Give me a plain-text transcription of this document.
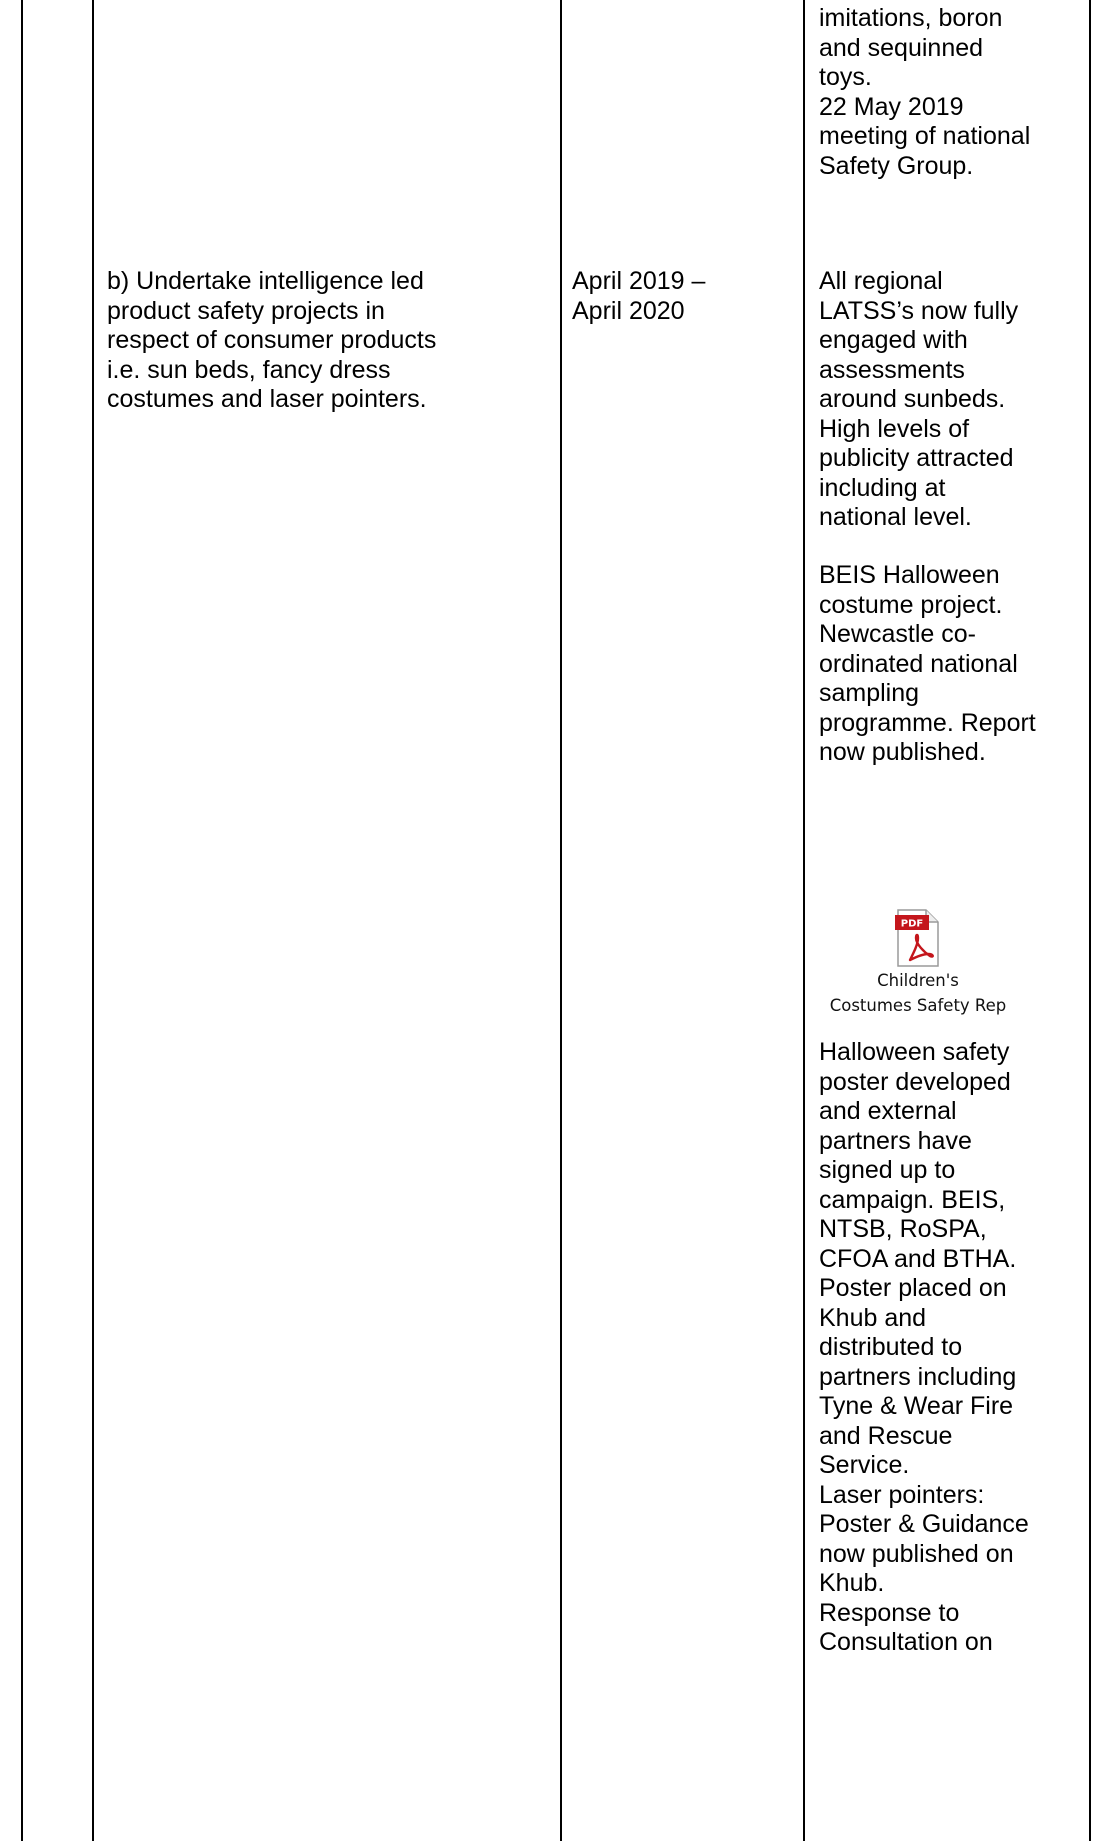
b) Undertake intelligence led
product safety projects in
respect of consumer products
i.e. sun beds, fancy dress
costumes and laser pointers.
April 2019 –
April 2020
imitations, boron
and sequinned
toys.
22 May 2019
meeting of national
Safety Group.
All regional
LATSS’s now fully
engaged with
assessments
around sunbeds.
High levels of
publicity attracted
including at
national level.
BEIS Halloween
costume project.
Newcastle co-
ordinated national
sampling
programme. Report
now published.
PDF
Children's
Costumes Safety Rep
Halloween safety
poster developed
and external
partners have
signed up to
campaign. BEIS,
NTSB, RoSPA,
CFOA and BTHA.
Poster placed on
Khub and
distributed to
partners including
Tyne & Wear Fire
and Rescue
Service.
Laser pointers:
Poster & Guidance
now published on
Khub.
Response to
Consultation on
